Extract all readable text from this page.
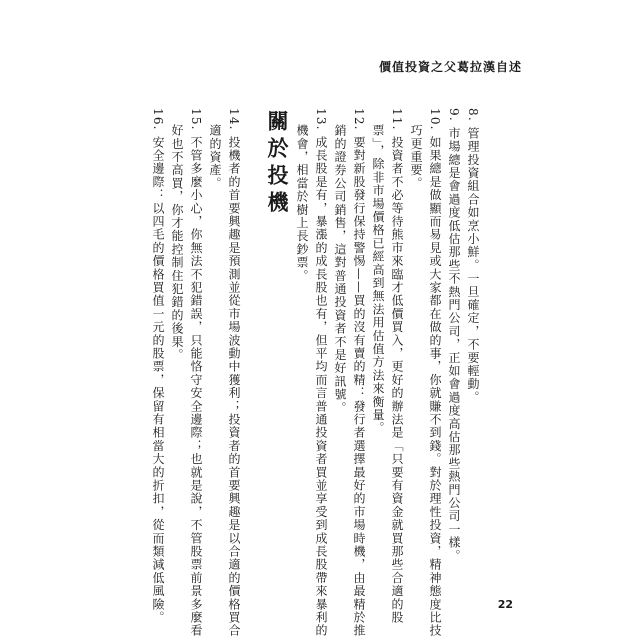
價值投資之父葛拉漢自述
8. 管理投資組合如烹小鮮。一旦確定，不要輕動。
9. 市場總是會過度低估那些不熱門公司，正如會過度高估那些熱門公司一樣。
10. 如果總是做顯而易見或大家都在做的事，你就賺不到錢。對於理性投資，精神態度比技
巧更重要。
11. 投資者不必等待熊市來臨才低價買入，更好的辦法是「只要有資金就買那些合適的股
票」，除非市場價格已經高到無法用估值方法來衡量。
12. 要對新股發行保持警惕——買的沒有賣的精：發行者選擇最好的市場時機，由最精於推
銷的證券公司銷售，這對普通投資者不是好訊號。
13. 成長股是有，暴漲的成長股也有，但平均而言普通投資者買並享受到成長股帶來暴利的
機會，相當於樹上長鈔票。
關於投機
14. 投機者的首要興趣是預測並從市場波動中獲利；投資者的首要興趣是以合適的價格買合
適的資產。
15. 不管多麼小心，你無法不犯錯誤，只能恪守安全邊際；也就是說，不管股票前景多麼看
好也不高買，你才能控制住犯錯的後果。
16. 安全邊際：以四毛的價格買值一元的股票，保留有相當大的折扣，從而類減低風險。	22
